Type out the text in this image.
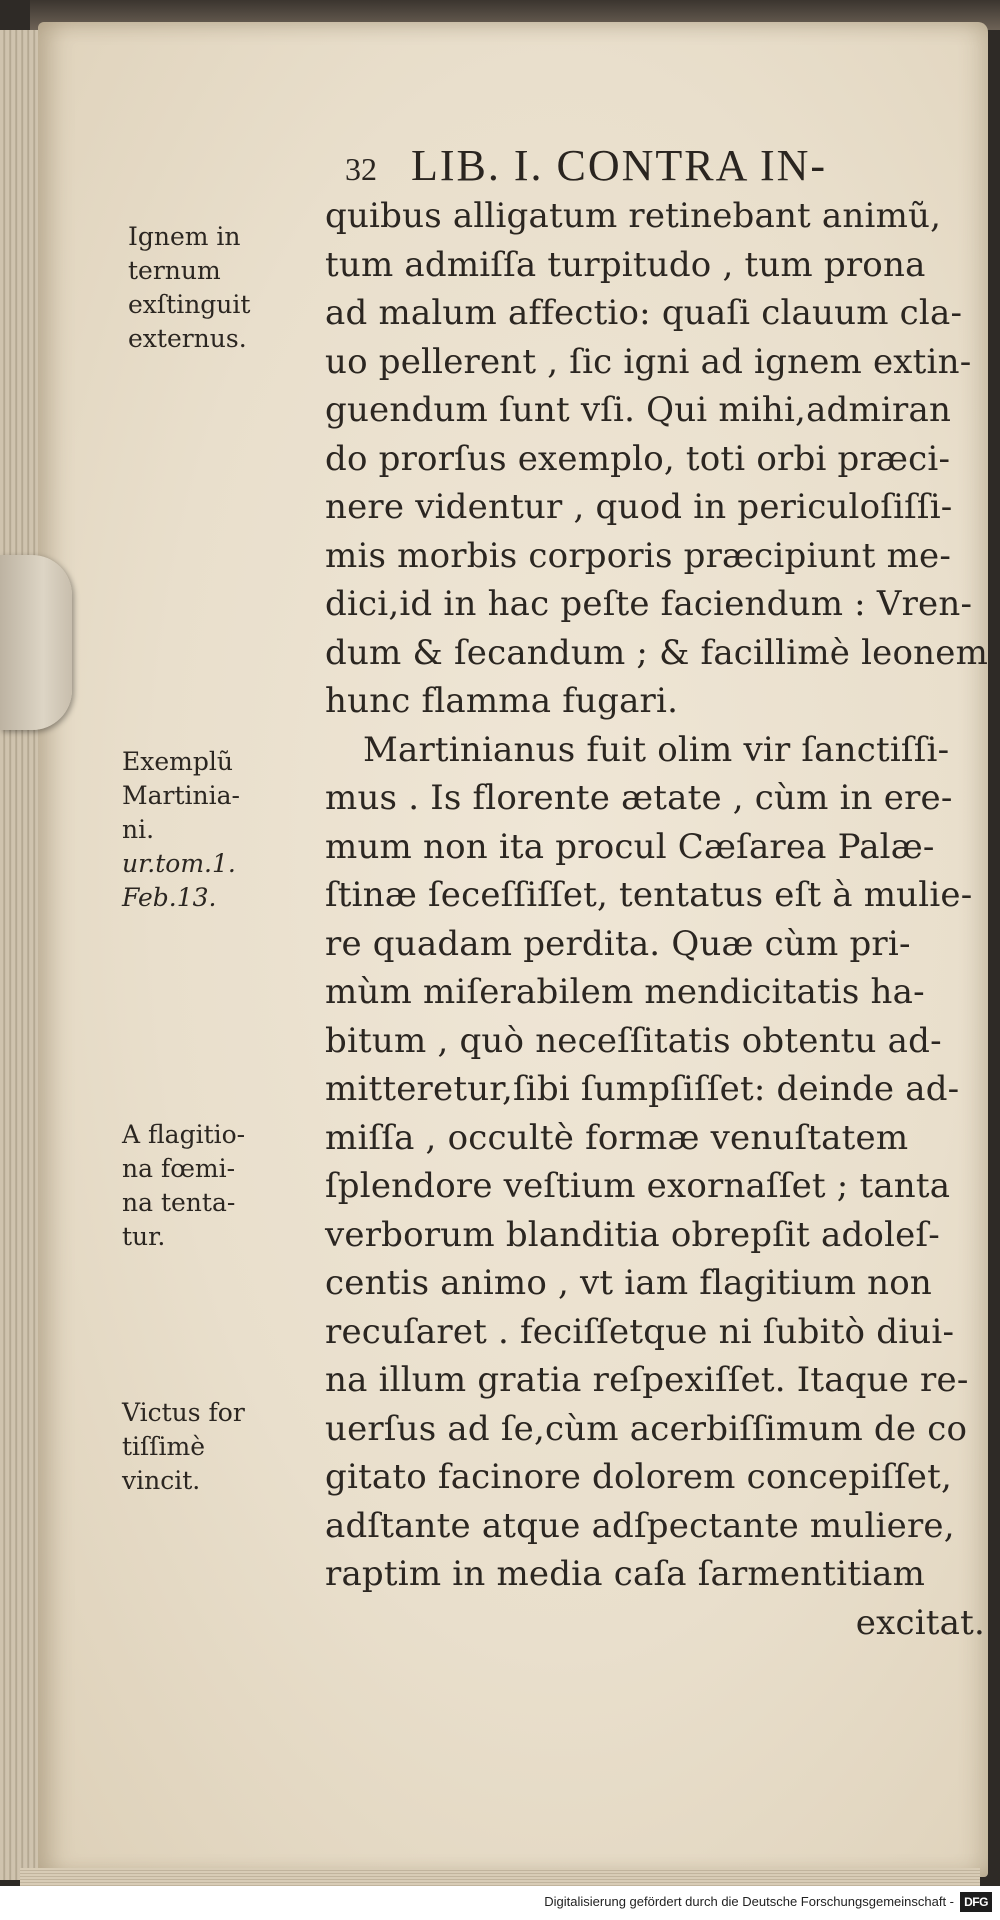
32 LIB. I. CONTRA IN-
quibus alligatum retinebant animũ,
tum admiſſa turpitudo , tum prona
ad malum affectio: quaſi clauum cla-
uo pellerent , ſic igni ad ignem extin-
guendum ſunt vſi. Qui mihi,admiran
do prorſus exemplo, toti orbi præci-
nere videntur , quod in periculoſiſſi-
mis morbis corporis præcipiunt me-
dici,id in hac peſte faciendum : Vren-
dum & ſecandum ; & facillimè leonem
hunc flamma fugari.
Martinianus fuit olim vir ſanctiſſi-
mus . Is florente ætate , cùm in ere-
mum non ita procul Cæſarea Palæ-
ſtinæ ſeceſſiſſet, tentatus eſt à mulie-
re quadam perdita. Quæ cùm pri-
mùm miſerabilem mendicitatis ha-
bitum , quò neceſſitatis obtentu ad-
mitteretur,ſibi ſumpſiſſet: deinde ad-
miſſa , occultè formæ venuſtatem
ſplendore veſtium exornaſſet ; tanta
verborum blanditia obrepſit adoleſ-
centis animo , vt iam flagitium non
recuſaret . feciſſetque ni ſubitò diui-
na illum gratia reſpexiſſet. Itaque re-
uerſus ad ſe,cùm acerbiſſimum de co
gitato facinore dolorem concepiſſet,
adſtante atque adſpectante muliere,
raptim in media caſa ſarmentitiam
excitat.
Ignem in
ternum
exſtinguit
externus.
Exemplũ
Martinia-
ni.
ur.tom.1.
Feb.13.
A flagitio-
na fœmi-
na tenta-
tur.
Victus for
tiſſimè
vincit.
Digitalisierung gefördert durch die Deutsche Forschungsgemeinschaft - DFG
